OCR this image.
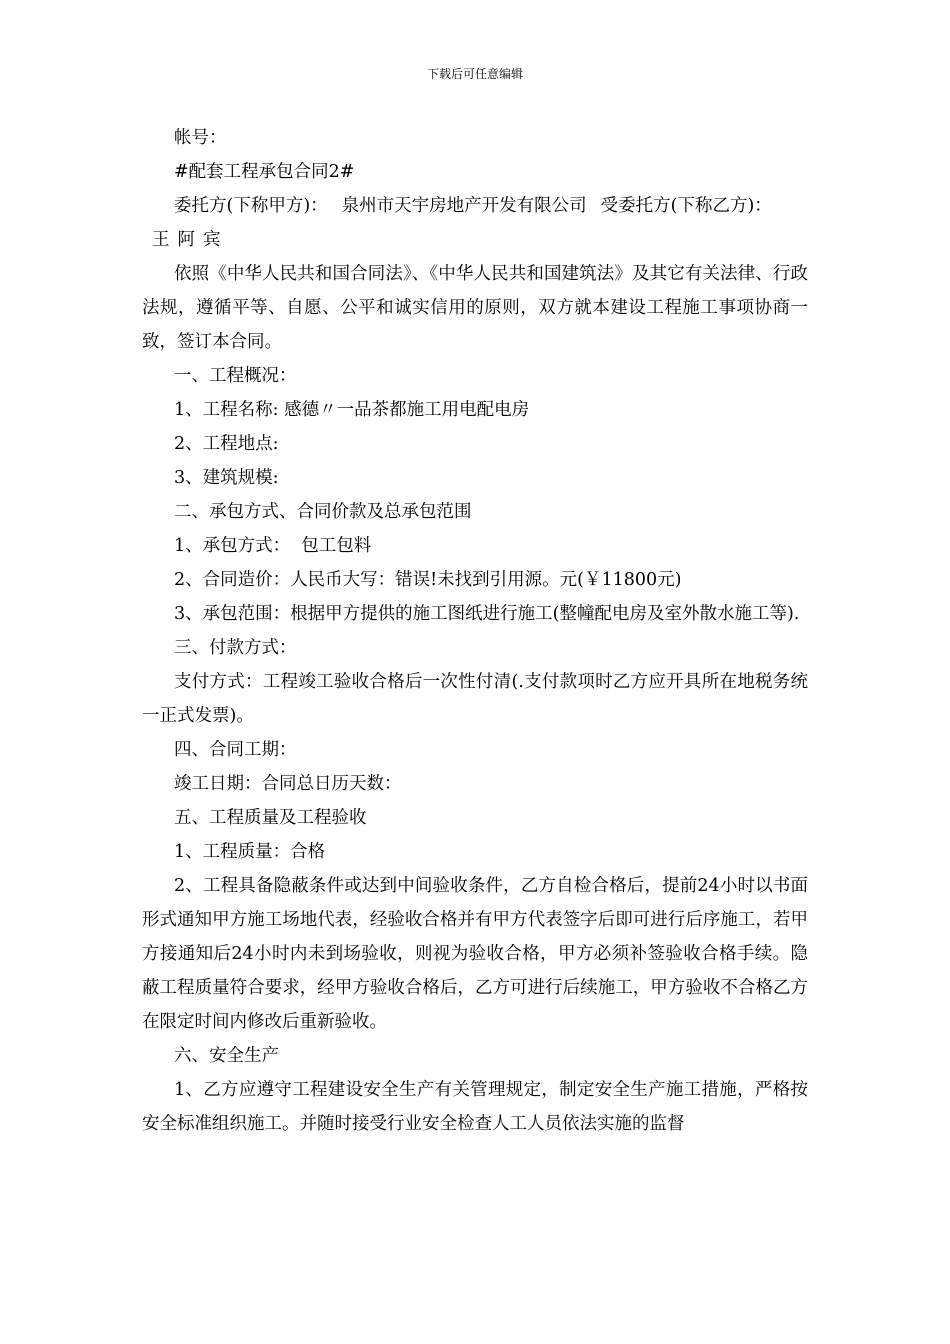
下载后可任意编辑

帐号：

#配套工程承包合同2#

委托方(下称甲方)： 泉州市天宇房地产开发有限公司 受委托方(下称乙方)：

王阿宾

依照《中华人民共和国合同法》、《中华人民共和国建筑法》及其它有关法律、行政法规，遵循平等、自愿、公平和诚实信用的原则，双方就本建设工程施工事项协商一致，签订本合同。

一、工程概况：

1、工程名称: 感德〃一品茶都施工用电配电房

2、工程地点:

3、建筑规模:

二、承包方式、合同价款及总承包范围

1、承包方式：  包工包料

2、合同造价：人民币大写：错误!未找到引用源。元(￥11800元)

3、承包范围：根据甲方提供的施工图纸进行施工(整幢配电房及室外散水施工等).

三、付款方式：

支付方式：工程竣工验收合格后一次性付清(.支付款项时乙方应开具所在地税务统一正式发票)。

四、合同工期：

竣工日期：合同总日历天数：

五、工程质量及工程验收

1、工程质量：合格

2、工程具备隐蔽条件或达到中间验收条件，乙方自检合格后，提前24小时以书面形式通知甲方施工场地代表，经验收合格并有甲方代表签字后即可进行后序施工，若甲方接通知后24小时内未到场验收，则视为验收合格，甲方必须补签验收合格手续。隐蔽工程质量符合要求，经甲方验收合格后，乙方可进行后续施工，甲方验收不合格乙方在限定时间内修改后重新验收。

六、安全生产

1、乙方应遵守工程建设安全生产有关管理规定，制定安全生产施工措施，严格按安全标准组织施工。并随时接受行业安全检查人工人员依法实施的监督
